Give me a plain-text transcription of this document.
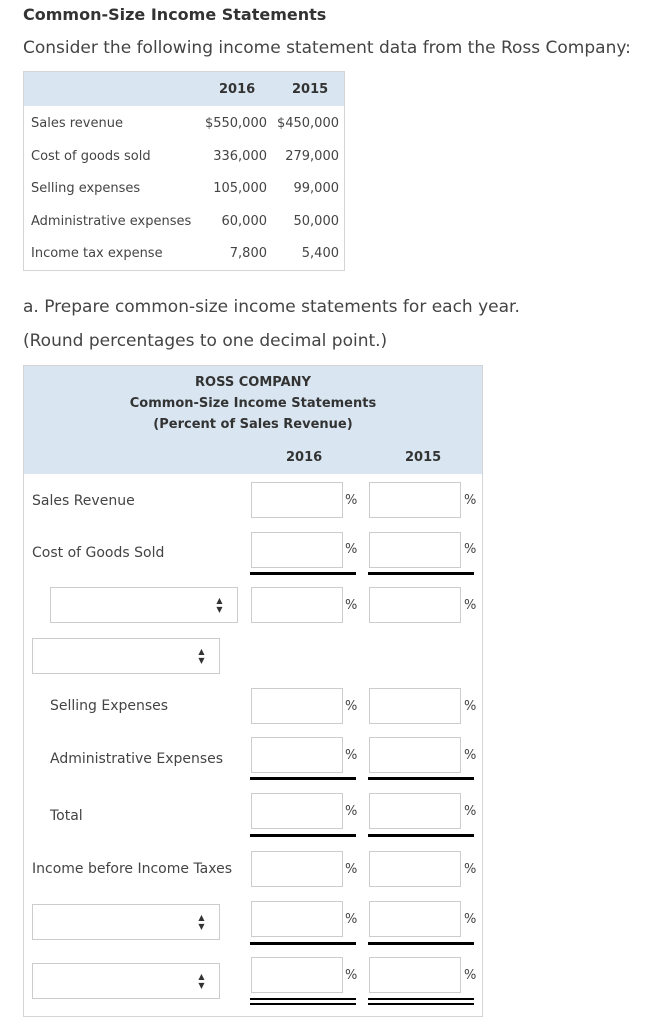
Common-Size Income Statements
Consider the following income statement data from the Ross Company:
2016	2015
Sales revenue	$550,000 $450,000
Cost of goods sold	336,000 279,000
Selling expenses	105,000 99,000
Administrative expenses 60,000 50,000
Income tax expense	7,800	5,400
a. Prepare common-size income statements for each year.
(Round percentages to one decimal point.)
ROSS COMPANY
Common-Size Income Statements
(Percent of Sales Revenue)
2016	2015
Sales Revenue	%	%
Cost of Goods Sold	%	%
▲▼	%	%
▲▼
Selling Expenses	%	%
Administrative Expenses	%	%
Total	%	%
Income before Income Taxes	%	%
▲▼	%	%
▲▼	%	%
